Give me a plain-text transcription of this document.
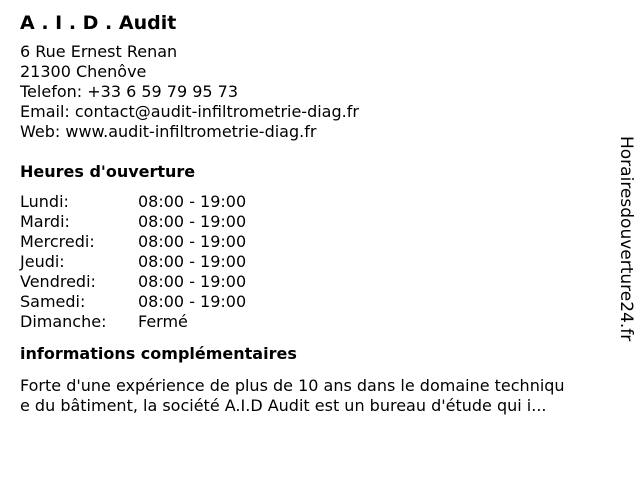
A . I . D . Audit
6 Rue Ernest Renan
21300 Chenôve
Telefon: +33 6 59 79 95 73
Email: contact@audit-infiltrometrie-diag.fr
Web: www.audit-infiltrometrie-diag.fr
Heures d'ouverture
Lundi:	08:00 - 19:00
Mardi:	08:00 - 19:00
Mercredi:	08:00 - 19:00
Jeudi:	08:00 - 19:00
Vendredi:	08:00 - 19:00
Samedi:	08:00 - 19:00
Dimanche:	Fermé
informations complémentaires
Forte d'une expérience de plus de 10 ans dans le domaine techniqu
e du bâtiment, la société A.I.D Audit est un bureau d'étude qui i...
Horairesdouverture24.fr
